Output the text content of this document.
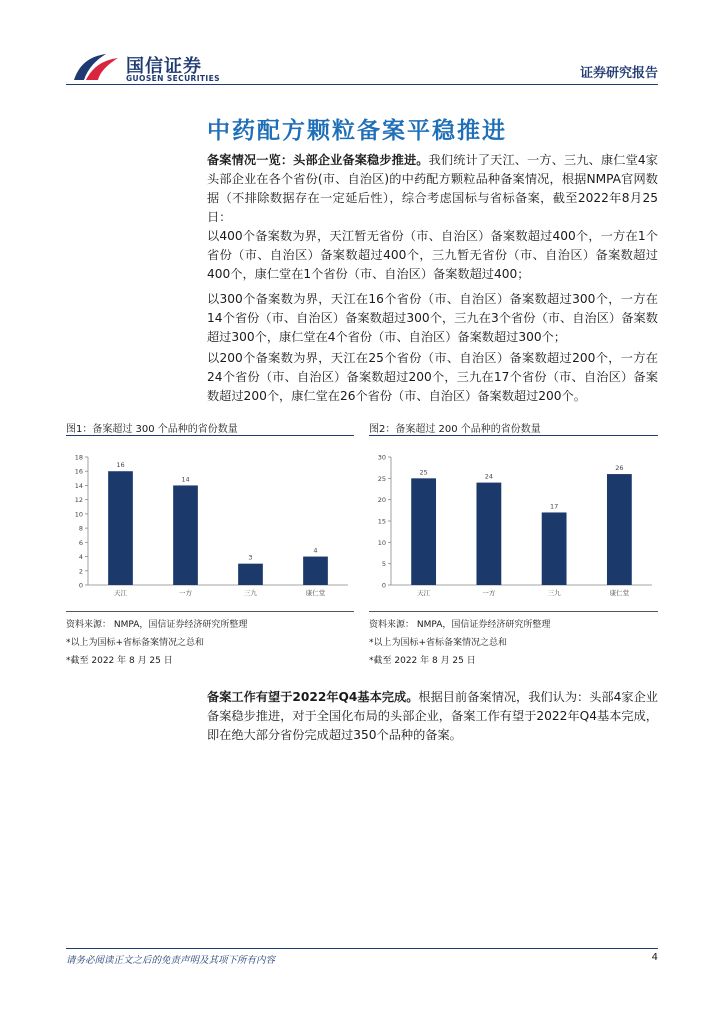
国信证券
GUOSEN SECURITIES	证券研究报告
中药配方颗粒备案平稳推进
备案情况一览：头部企业备案稳步推进。我们统计了天江、一方、三九、康仁堂4家头部企业在各个省份(市、自治区)的中药配方颗粒品种备案情况，根据NMPA官网数据（不排除数据存在一定延后性），综合考虑国标与省标备案，截至2022年8月25日：
以400个备案数为界，天江暂无省份（市、自治区）备案数超过400个，一方在1个省份（市、自治区）备案数超过400个，三九暂无省份（市、自治区）备案数超过400个，康仁堂在1个省份（市、自治区）备案数超过400；
以300个备案数为界，天江在16个省份（市、自治区）备案数超过300个，一方在14个省份（市、自治区）备案数超过300个，三九在3个省份（市、自治区）备案数超过300个，康仁堂在4个省份（市、自治区）备案数超过300个；
以200个备案数为界，天江在25个省份（市、自治区）备案数超过200个，一方在24个省份（市、自治区）备案数超过200个，三九在17个省份（市、自治区）备案数超过200个，康仁堂在26个省份（市、自治区）备案数超过200个。
图1：备案超过 300 个品种的省份数量
0
2
4
6
8
10
12
14
16
18
16
天江
14
一方
3
三九
4
康仁堂
资料来源： NMPA，国信证券经济研究所整理
*以上为国标+省标备案情况之总和
*截至 2022 年 8 月 25 日
图2：备案超过 200 个品种的省份数量
0
5
10
15
20
25
30
25
天江
24
一方
17
三九
26
康仁堂
资料来源： NMPA，国信证券经济研究所整理
*以上为国标+省标备案情况之总和
*截至 2022 年 8 月 25 日
备案工作有望于2022年Q4基本完成。根据目前备案情况，我们认为：头部4家企业备案稳步推进，对于全国化布局的头部企业，备案工作有望于2022年Q4基本完成，即在绝大部分省份完成超过350个品种的备案。
请务必阅读正文之后的免责声明及其项下所有内容	4
